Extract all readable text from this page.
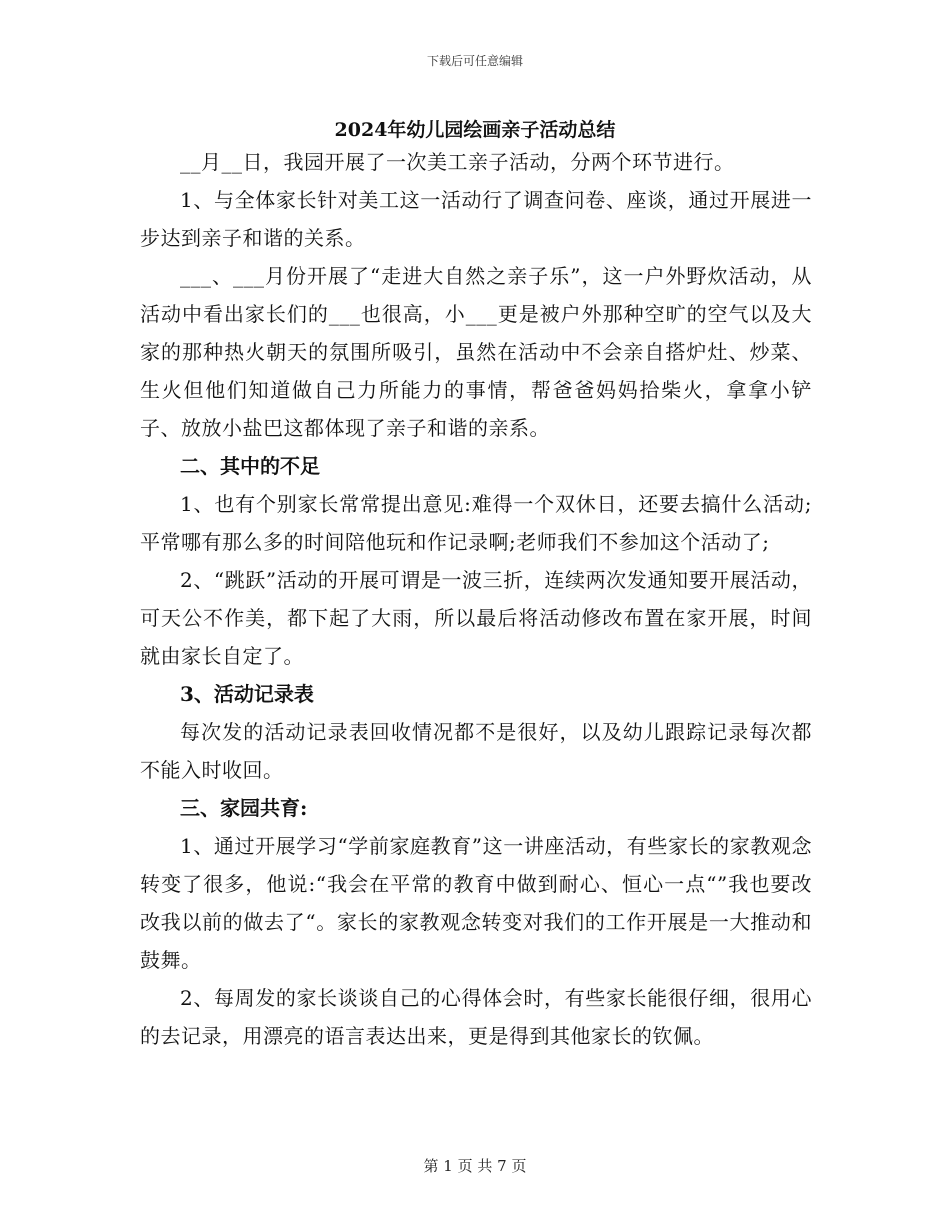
下载后可任意编辑
2024年幼儿园绘画亲子活动总结

__月__日，我园开展了一次美工亲子活动，分两个环节进行。

1、与全体家长针对美工这一活动行了调查问卷、座谈，通过开展进一步达到亲子和谐的关系。

___、___月份开展了“走进大自然之亲子乐”，这一户外野炊活动，从活动中看出家长们的___也很高，小___更是被户外那种空旷的空气以及大家的那种热火朝天的氛围所吸引，虽然在活动中不会亲自搭炉灶、炒菜、生火但他们知道做自己力所能力的事情，帮爸爸妈妈拾柴火，拿拿小铲子、放放小盐巴这都体现了亲子和谐的亲系。

二、其中的不足

1、也有个别家长常常提出意见:难得一个双休日，还要去搞什么活动;平常哪有那么多的时间陪他玩和作记录啊;老师我们不参加这个活动了;

2、“跳跃”活动的开展可谓是一波三折，连续两次发通知要开展活动，可天公不作美，都下起了大雨，所以最后将活动修改布置在家开展，时间就由家长自定了。

3、活动记录表

每次发的活动记录表回收情况都不是很好，以及幼儿跟踪记录每次都不能入时收回。

三、家园共育:

1、通过开展学习“学前家庭教育”这一讲座活动，有些家长的家教观念转变了很多，他说:“我会在平常的教育中做到耐心、恒心一点“”我也要改改我以前的做去了“。家长的家教观念转变对我们的工作开展是一大推动和鼓舞。

2、每周发的家长谈谈自己的心得体会时，有些家长能很仔细，很用心的去记录，用漂亮的语言表达出来，更是得到其他家长的钦佩。

第 1 页 共 7 页
